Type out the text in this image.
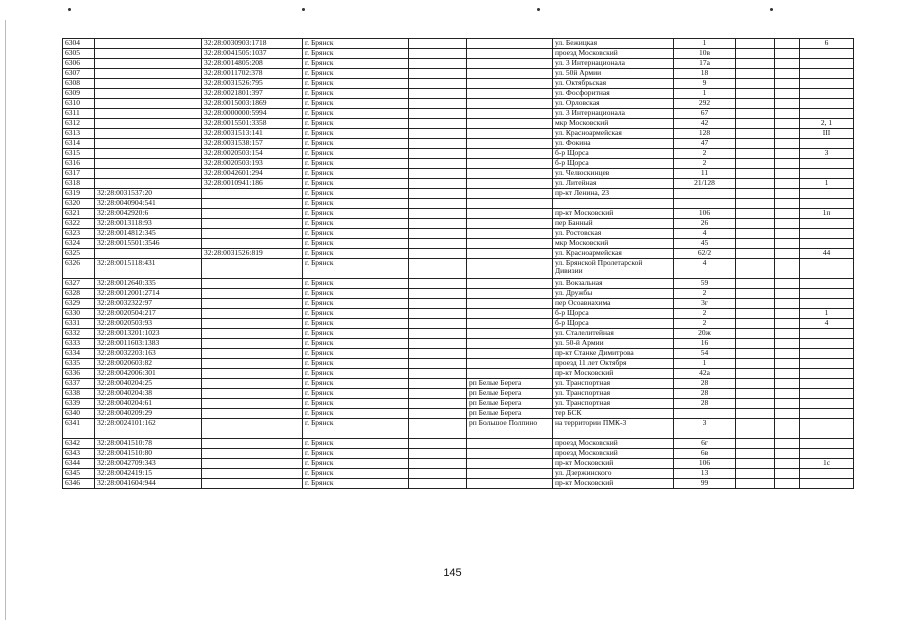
6304		32:28:0030903:1718	г. Брянск			ул. Бежицкая	1			6
6305		32:28:0041505:1037	г. Брянск			проезд Московский	10в			
6306		32:28:0014805:208	г. Брянск			ул. 3 Интернационала	17а			
6307		32:28:0011702:378	г. Брянск			ул. 50й Армии	18			
6308		32:28:0031526:795	г. Брянск			ул. Октябрьская	9			
6309		32:28:0021801:397	г. Брянск			ул. Фосфоритная	1			
6310		32:28:0015003:1869	г. Брянск			ул. Орловская	292			
6311		32:28:0000000:5994	г. Брянск			ул. 3 Интернационала	67			
6312		32:28:0015501:3358	г. Брянск			мкр Московский	42			2, 1
6313		32:28:0031513:141	г. Брянск			ул. Красноармейская	128			III
6314		32:28:0031538:157	г. Брянск			ул. Фокина	47			
6315		32:28:0020503:154	г. Брянск			б-р Щорса	2			3
6316		32:28:0020503:193	г. Брянск			б-р Щорса	2			
6317		32:28:0042601:294	г. Брянск			ул. Челюскинцев	11			
6318		32:28:0010941:186	г. Брянск			ул. Литейная	21/128			1
6319	32:28:0031537:20		г. Брянск			пр-кт Ленина, 23				
6320	32:28:0040904:541		г. Брянск							
6321	32:28:0042920:6		г. Брянск			пр-кт Московский	106			1п
6322	32:28:0013118:93		г. Брянск			пер Банный	26			
6323	32:28:0014812:345		г. Брянск			ул. Ростовская	4			
6324	32:28:0015501:3546		г. Брянск			мкр Московский	45			
6325		32:28:0031526:819	г. Брянск			ул. Красноармейская	62/2			44
6326	32:28:0015118:431		г. Брянск			ул. Брянской Пролетарской Дивизии	4			
6327	32:28:0012640:335		г. Брянск			ул. Вокзальная	59			
6328	32:28:0012001:2714		г. Брянск			ул. Дружбы	2			
6329	32:28:0032322:97		г. Брянск			пер Осоавиахима	3г			
6330	32:28:0020504:217		г. Брянск			б-р Щорса	2			1
6331	32:28:0020503:93		г. Брянск			б-р Щорса	2			4
6332	32:28:0013201:1023		г. Брянск			ул. Сталелитейная	20ж			
6333	32:28:0011603:1383		г. Брянск			ул. 50-й Армии	16			
6334	32:28:0032203:163		г. Брянск			пр-кт Станке Димитрова	54			
6335	32:28:0020603:82		г. Брянск			проезд 11 лет Октября	1			
6336	32:28:0042006:301		г. Брянск			пр-кт Московский	42а			
6337	32:28:0040204:25		г. Брянск		рп Белые Берега	ул. Транспортная	28			
6338	32:28:0040204:38		г. Брянск		рп Белые Берега	ул. Транспортная	28			
6339	32:28:0040204:61		г. Брянск		рп Белые Берега	ул. Транспортная	28			
6340	32:28:0040209:29		г. Брянск		рп Белые Берега	тер БСК				
6341	32:28:0024101:162		г. Брянск		рп Большое Полпино	на территории ПМК-3	3			
6342	32:28:0041510:78		г. Брянск			проезд Московский	6г			
6343	32:28:0041510:80		г. Брянск			проезд Московский	6в			
6344	32:28:0042709:343		г. Брянск			пр-кт Московский	106			1с
6345	32:28:0042419:15		г. Брянск			ул. Дзержинского	13			
6346	32:28:0041604:944		г. Брянск			пр-кт Московский	99			
145
